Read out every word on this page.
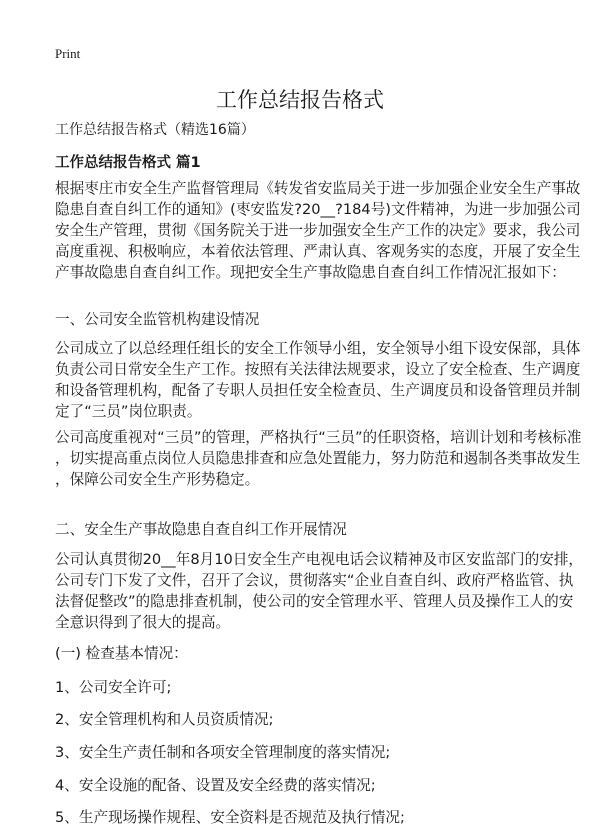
Print
工作总结报告格式
工作总结报告格式（精选16篇）
工作总结报告格式 篇1
根据枣庄市安全生产监督管理局《转发省安监局关于进一步加强企业安全生产事故
隐患自查自纠工作的通知》(枣安监发?20__?184号)文件精神，为进一步加强公司
安全生产管理，贯彻《国务院关于进一步加强安全生产工作的决定》要求，我公司
高度重视、积极响应，本着依法管理、严肃认真、客观务实的态度，开展了安全生
产事故隐患自查自纠工作。现把安全生产事故隐患自查自纠工作情况汇报如下：
一、公司安全监管机构建设情况
公司成立了以总经理任组长的安全工作领导小组，安全领导小组下设安保部，具体
负责公司日常安全生产工作。按照有关法律法规要求，设立了安全检查、生产调度
和设备管理机构，配备了专职人员担任安全检查员、生产调度员和设备管理员并制
定了“三员”岗位职责。
公司高度重视对“三员”的管理，严格执行“三员”的任职资格，培训计划和考核标准
，切实提高重点岗位人员隐患排查和应急处置能力，努力防范和遏制各类事故发生
，保障公司安全生产形势稳定。
二、安全生产事故隐患自查自纠工作开展情况
公司认真贯彻20__年8月10日安全生产电视电话会议精神及市区安监部门的安排，
公司专门下发了文件，召开了会议，贯彻落实“企业自查自纠、政府严格监管、执
法督促整改”的隐患排查机制，使公司的安全管理水平、管理人员及操作工人的安
全意识得到了很大的提高。
(一) 检查基本情况：
1、公司安全许可;
2、安全管理机构和人员资质情况;
3、安全生产责任制和各项安全管理制度的落实情况;
4、安全设施的配备、设置及安全经费的落实情况;
5、生产现场操作规程、安全资料是否规范及执行情况;
